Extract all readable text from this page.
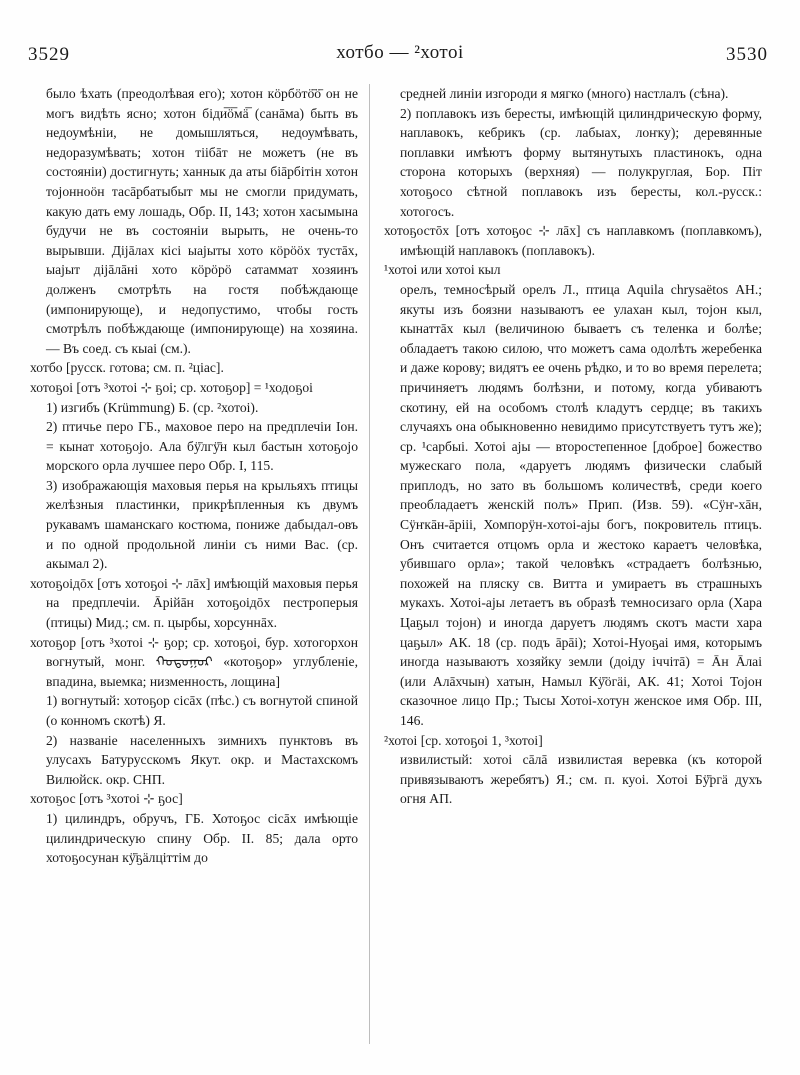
3529	хотбо — ²хотоі	3530

было ѣхать (преодолѣвая его); хотон кöрбӧтӧ̄ӧ̄ он не могъ видѣть ясно; хотон біди̅ӧ̅мӓ̅ (санāма) быть въ недоумѣніи, не домышляться, недоумѣвать, недоразумѣвать; хотон тіібāт не можетъ (не въ состояніи) достигнуть; ханнык да аты біāрбітін хотон тоjонноӧн тасāрбатыбыт мы не смогли придумать, какую дать ему лошадь, Обр. II, 143; хотон хасымына будучи не въ состояніи вырыть, не очень-то вырывши. Діjāлах кісі ыаjыты хото кöрӧӧх тустāх, ыаjыт діjāлāні хото кöрӧрӧ сатаммат хозяинъ долженъ смотрѣть на гостя побѣждающе (импонирующе), и недопустимо, чтобы гость смотрѣлъ побѣждающе (импонирующе) на хозяина. — Въ соед. съ кыаі (см.).

хотбо [русск. готова; см. п. ²ціас].

хотоҕоі [отъ ³хотоі ⊹ ҕоі; ср. хотоҕор] = ¹ходоҕоі

1) изгибъ (Krümmung) Б. (ср. ²хотоі).

2) птичье перо ГБ., маховое перо на предплечіи Іон. = кынат хотоҕојо. Ала бӱ̄лгӱ̄н кыл бастын хотоҕојо морского орла лучшее перо Обр. I, 115.

3) изображающія маховыя перья на крыльяхъ птицы желѣзныя пластинки, прикрѣпленныя къ двумъ рукавамъ шаманскаго костюма, пониже дабыдал-овъ и по одной продольной линіи съ ними Вас. (ср. акымал 2).

хотоҕоідōх [отъ хотоҕоі ⊹ лāх] имѣющій маховыя перья на предплечіи. Āрійāн хотоҕоідōх пестроперыя (птицы) Мид.; см. п. цырбы, хорсуннāх.

хотоҕор [отъ ³хотоі ⊹ ҕор; ср. хотоҕоі, бур. хотогорхон вогнутый, монг. ᠬᠣᠲᠣᠭᠣᠷ «котоҕор» углубленіе, впадина, выемка; низменность, лощина]

1) вогнутый: хотоҕор сісāх (пѣс.) съ вогнутой спиной (о конномъ скотѣ) Я.

2) названіе населенныхъ зимнихъ пунктовъ въ улусахъ Батурусскомъ Якут. окр. и Мастахскомъ Вилюйск. окр. СНП.

хотоҕос [отъ ³хотоі ⊹ ҕос]

1) цилиндръ, обручъ, ГБ. Хотоҕос сісāх имѣющіе цилиндрическую спину Обр. II. 85; дала орто хотоҕосунан кӱ̄ҕӓлціттім до

средней линіи изгороди я мягко (много) настлалъ (сѣна).

2) поплавокъ изъ бересты, имѣющій цилиндрическую форму, наплавокъ, кебрикъ (ср. лабыах, лоҥку); деревянные поплавки имѣютъ форму вытянутыхъ пластинокъ, одна сторона которыхъ (верхняя) — полукруглая, Бор. Піт хотоҕосо сѣтной поплавокъ изъ бересты, кол.-русск.: хотогосъ.

хотоҕостōх [отъ хотоҕос ⊹ лāх] съ наплавкомъ (поплавкомъ), имѣющій наплавокъ (поплавокъ).

¹хотоі или хотоі кыл

орелъ, темносѣрый орелъ Л., птица Aquila chrysaëtos АН.; якуты изъ боязни называютъ ее улахан кыл, тојон кыл, кынаттāх кыл (величиною бываетъ съ теленка и болѣе; обладаетъ такою силою, что можетъ сама одолѣть жеребенка и даже корову; видятъ ее очень рѣдко, и то во время перелета; причиняетъ людямъ болѣзни, и потому, когда убиваютъ скотину, ей на особомъ столѣ кладутъ сердце; въ такихъ случаяхъ она обыкновенно невидимо присутствуетъ тутъ же); ср. ¹сарбыі. Хотоі аjы — второстепенное [доброе] божество мужескаго пола, «даруетъ людямъ физически слабый приплодъ, но зато въ большомъ количествѣ, среди коего преобладаетъ женскій полъ» Прип. (Изв. 59). «Сӱҥ-хāн, Сӱҥкāн-āрііі, Хомпорӱн-хотоі-аjы богъ, покровитель птицъ. Онъ считается отцомъ орла и жестоко караетъ человѣка, убившаго орла»; такой человѣкъ «страдаетъ болѣзнью, похожей на пляску св. Витта и умираетъ въ страшныхъ мукахъ. Хотоі-аjы летаетъ въ образѣ темносизаго орла (Хара Цаҕыл тојон) и иногда даруетъ людямъ скотъ масти хара цаҕыл» АК. 18 (ср. подъ āрāі); Хотоі-Нуоҕаі имя, которымъ иногда называютъ хозяйку земли (доіду іччітā) = Āн Āлаі (или Алāхчын) хатын, Намыл Кӱ̄ӧгӓі, АК. 41; Хотоі Тојон сказочное лицо Пр.; Тысы Хотоі-хотун женское имя Обр. III, 146.

²хотоі [ср. хотоҕоі 1, ³хотоі]

извилистый: хотоі сāлā извилистая веревка (къ которой привязываютъ жеребятъ) Я.; см. п. куоі. Хотоі Бӱ̄ргӓ духъ огня АП.
